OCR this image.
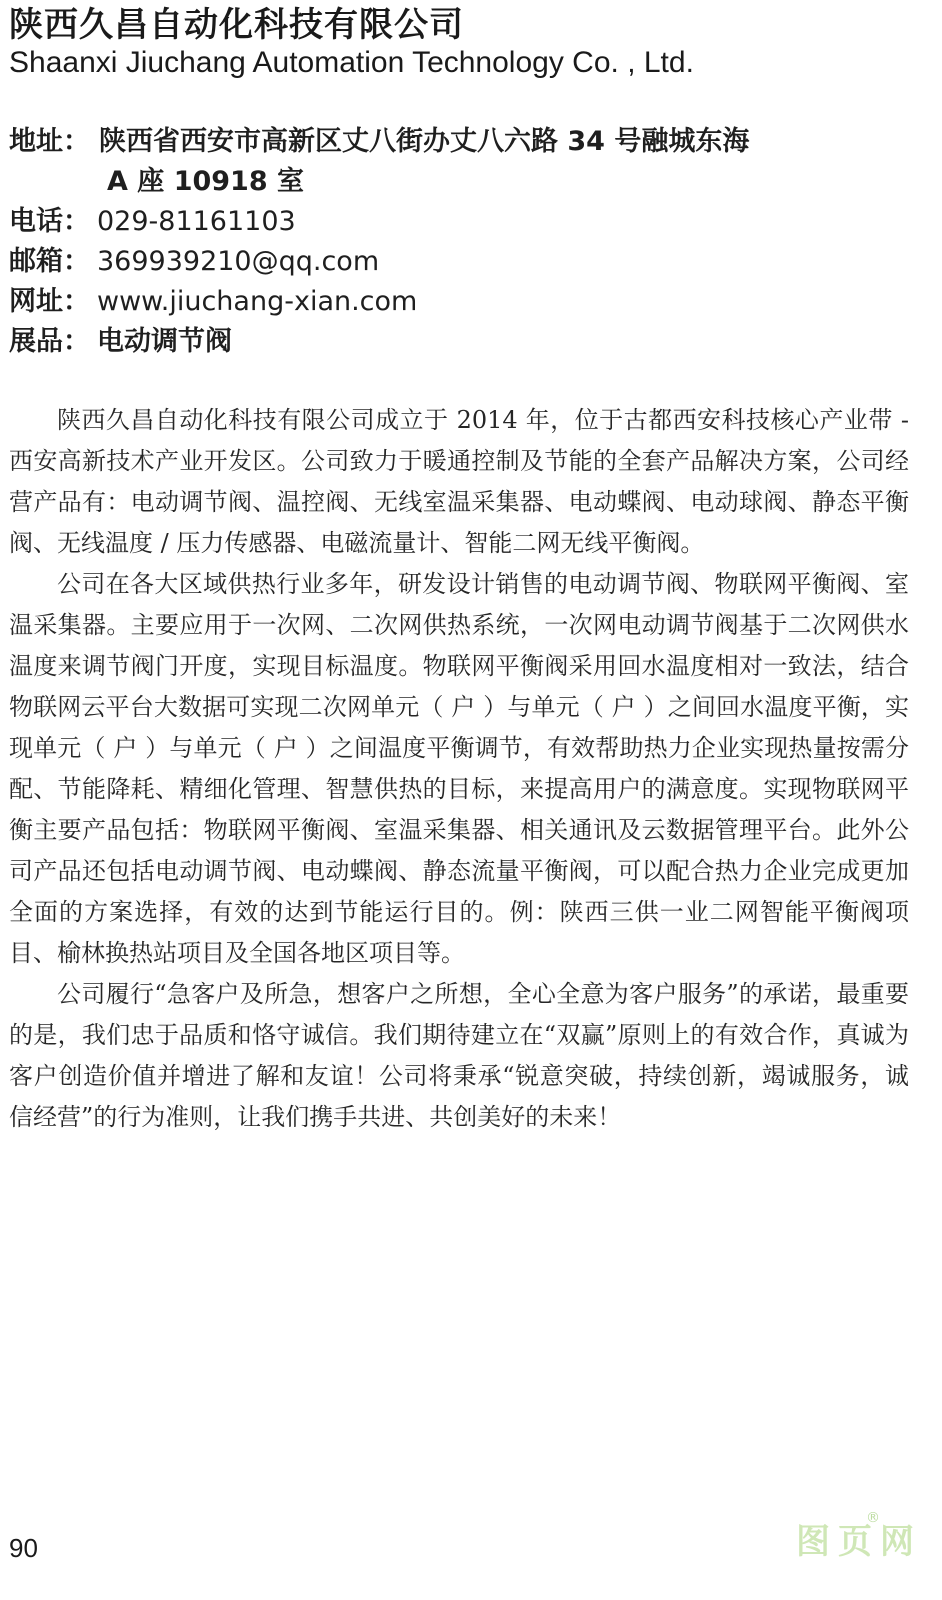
陕西久昌自动化科技有限公司
Shaanxi Jiuchang Automation Technology Co. , Ltd.
地址： 陕西省西安市高新区丈八街办丈八六路 34 号融城东海
A 座 10918 室
电话： 029-81161103
邮箱： 369939210@qq.com
网址： www.jiuchang-xian.com
展品： 电动调节阀

陕西久昌自动化科技有限公司成立于 2014 年，位于古都西安科技核心产业带 - 西安高新技术产业开发区。公司致力于暖通控制及节能的全套产品解决方案，公司经营产品有：电动调节阀、温控阀、无线室温采集器、电动蝶阀、电动球阀、静态平衡阀、无线温度 / 压力传感器、电磁流量计、智能二网无线平衡阀。

公司在各大区域供热行业多年，研发设计销售的电动调节阀、物联网平衡阀、室温采集器。主要应用于一次网、二次网供热系统，一次网电动调节阀基于二次网供水温度来调节阀门开度，实现目标温度。物联网平衡阀采用回水温度相对一致法，结合物联网云平台大数据可实现二次网单元（ 户 ）与单元（ 户 ）之间回水温度平衡，实现单元（ 户 ）与单元（ 户 ）之间温度平衡调节，有效帮助热力企业实现热量按需分配、节能降耗、精细化管理、智慧供热的目标，来提高用户的满意度。实现物联网平衡主要产品包括：物联网平衡阀、室温采集器、相关通讯及云数据管理平台。此外公司产品还包括电动调节阀、电动蝶阀、静态流量平衡阀，可以配合热力企业完成更加全面的方案选择，有效的达到节能运行目的。例：陕西三供一业二网智能平衡阀项目、榆林换热站项目及全国各地区项目等。

公司履行“急客户及所急，想客户之所想，全心全意为客户服务”的承诺，最重要的是，我们忠于品质和恪守诚信。我们期待建立在“双赢”原则上的有效合作，真诚为客户创造价值并增进了解和友谊！公司将秉承“锐意突破，持续创新，竭诚服务，诚信经营”的行为准则，让我们携手共进、共创美好的未来！

90
®
图页网
